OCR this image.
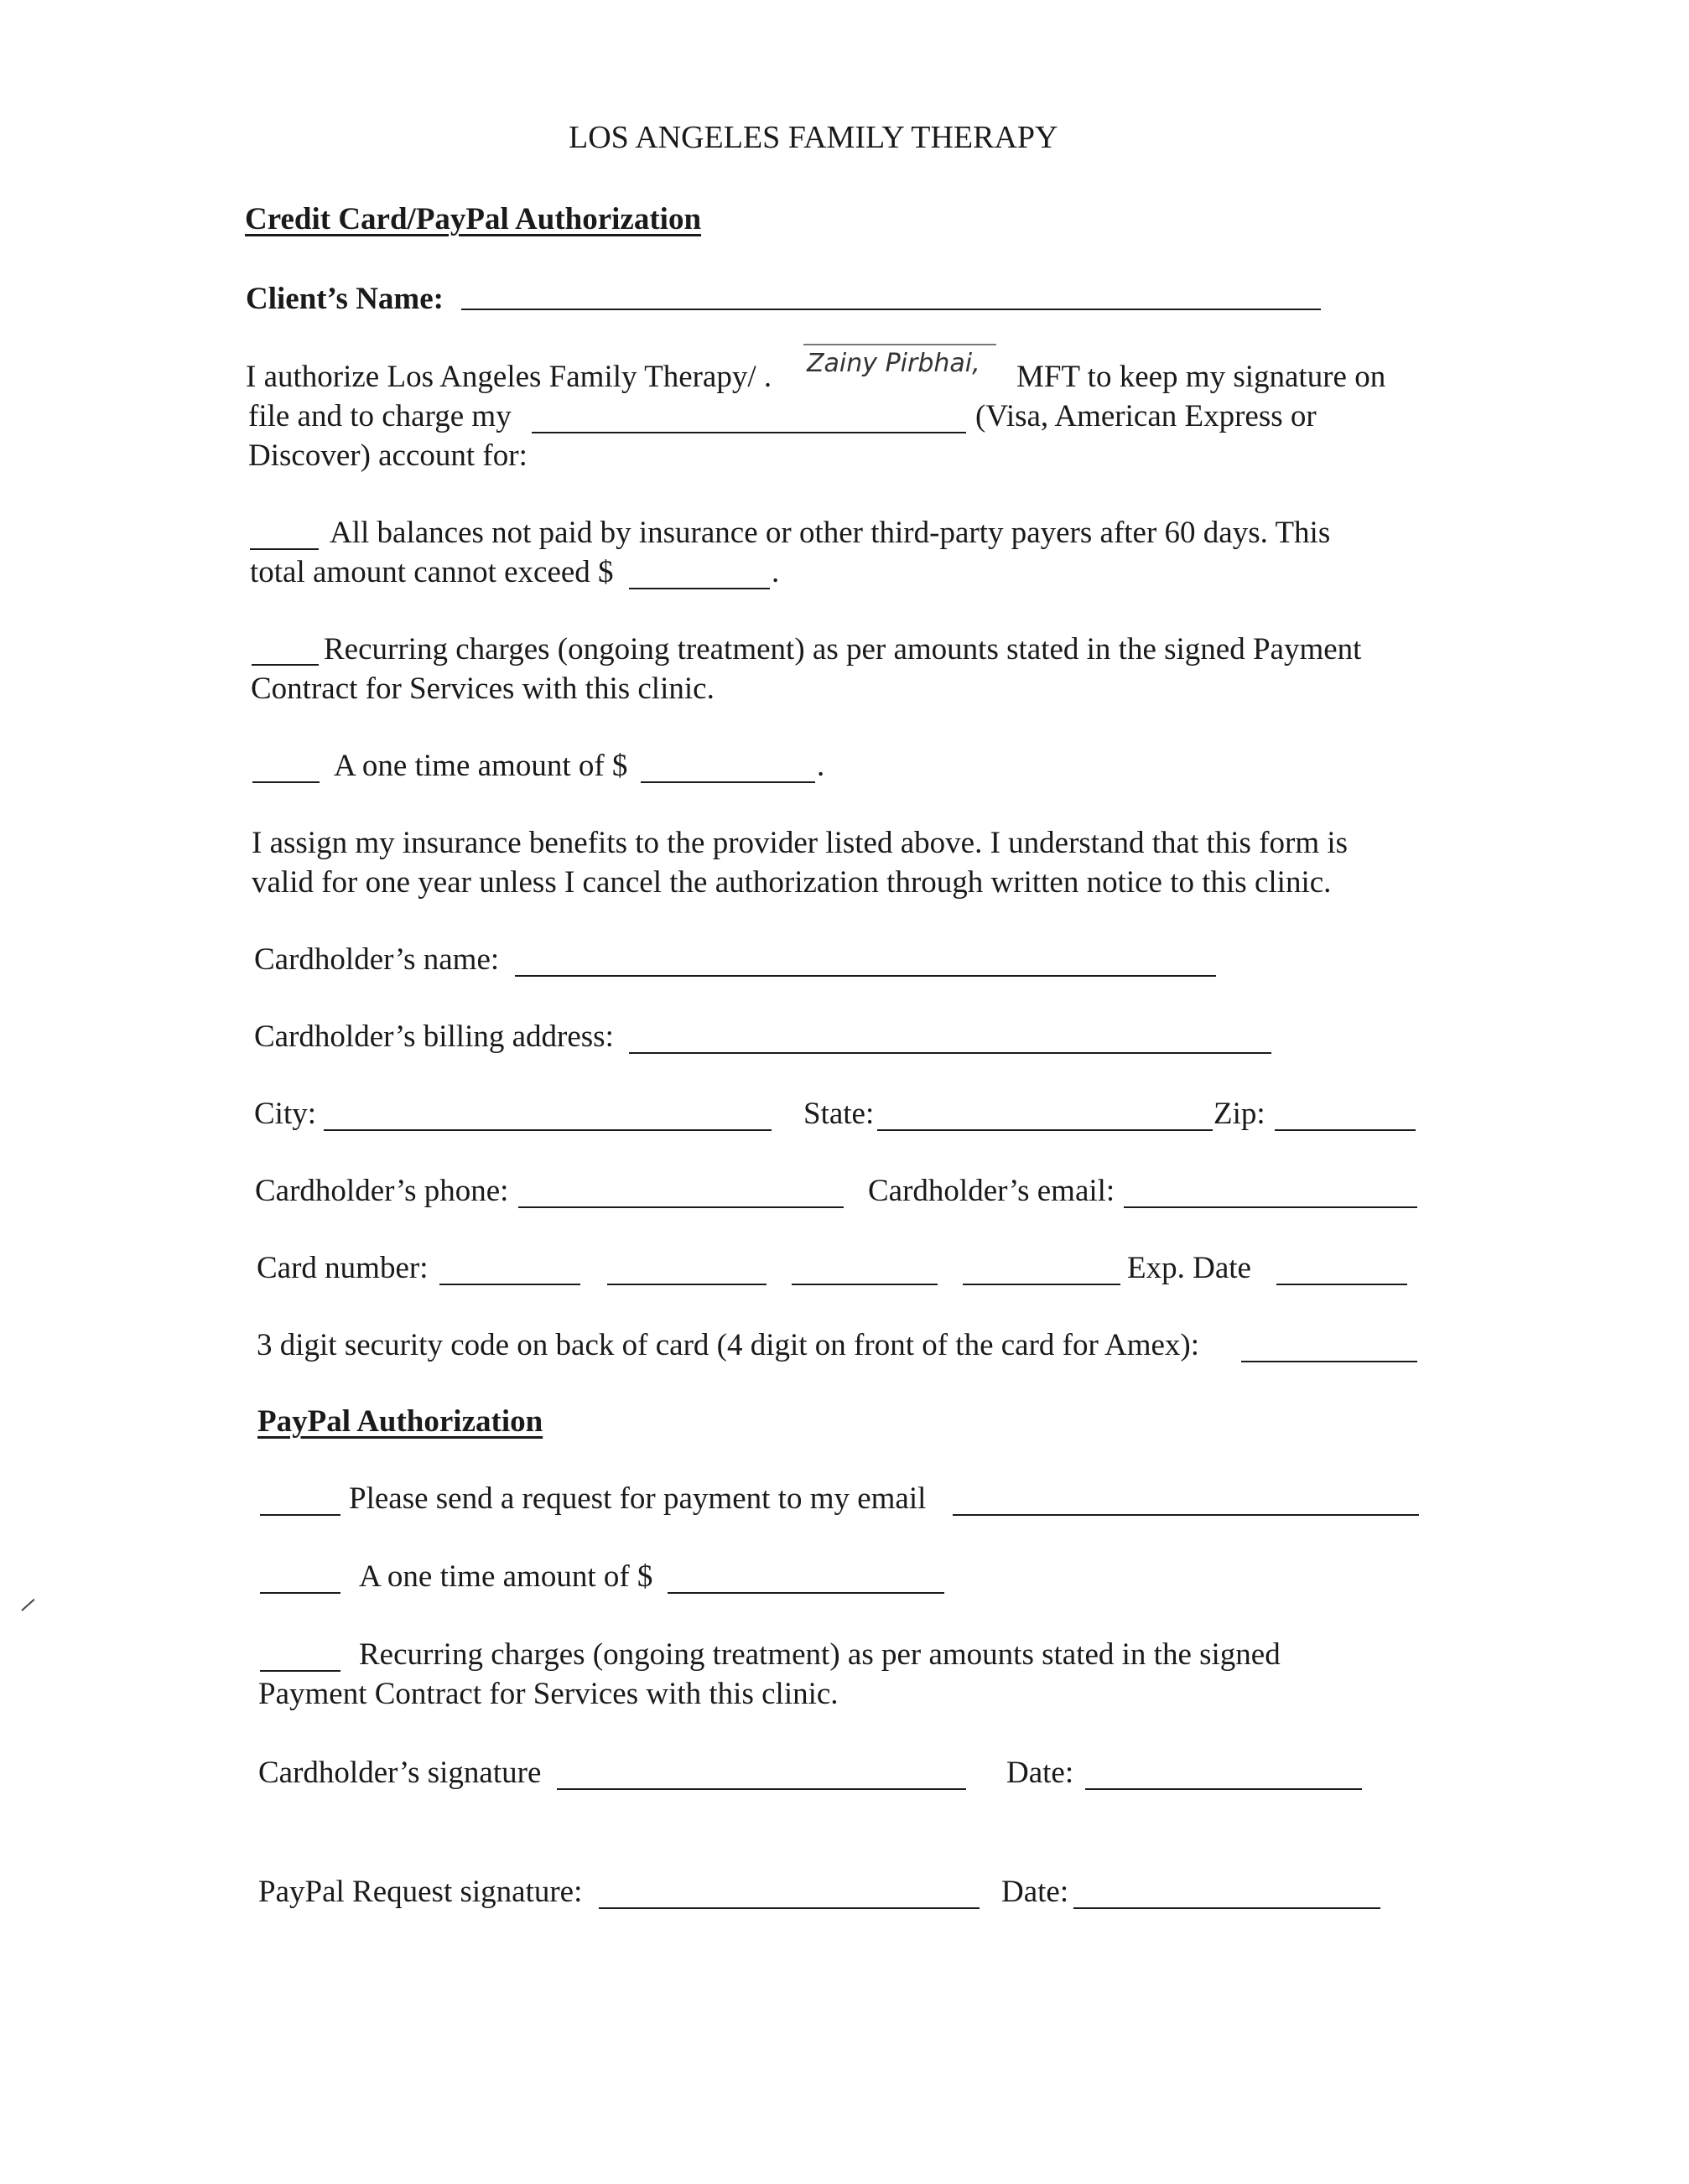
LOS ANGELES FAMILY THERAPY
Credit Card/PayPal Authorization
Client’s Name:
I authorize Los Angeles Family Therapy/ . Zainy Pirbhai, MFT to keep my signature on
file and to charge my	(Visa, American Express or
Discover) account for:
All balances not paid by insurance or other third-party payers after 60 days. This
total amount cannot exceed $	.
Recurring charges (ongoing treatment) as per amounts stated in the signed Payment
Contract for Services with this clinic.
A one time amount of $	.
I assign my insurance benefits to the provider listed above. I understand that this form is
valid for one year unless I cancel the authorization through written notice to this clinic.
Cardholder’s name:
Cardholder’s billing address:
City:	State:	Zip:
Cardholder’s phone:	Cardholder’s email:
Card number:	Exp. Date
3 digit security code on back of card (4 digit on front of the card for Amex):
PayPal Authorization
Please send a request for payment to my email
A one time amount of $
Recurring charges (ongoing treatment) as per amounts stated in the signed
Payment Contract for Services with this clinic.
Cardholder’s signature	Date:
PayPal Request signature:	Date:
